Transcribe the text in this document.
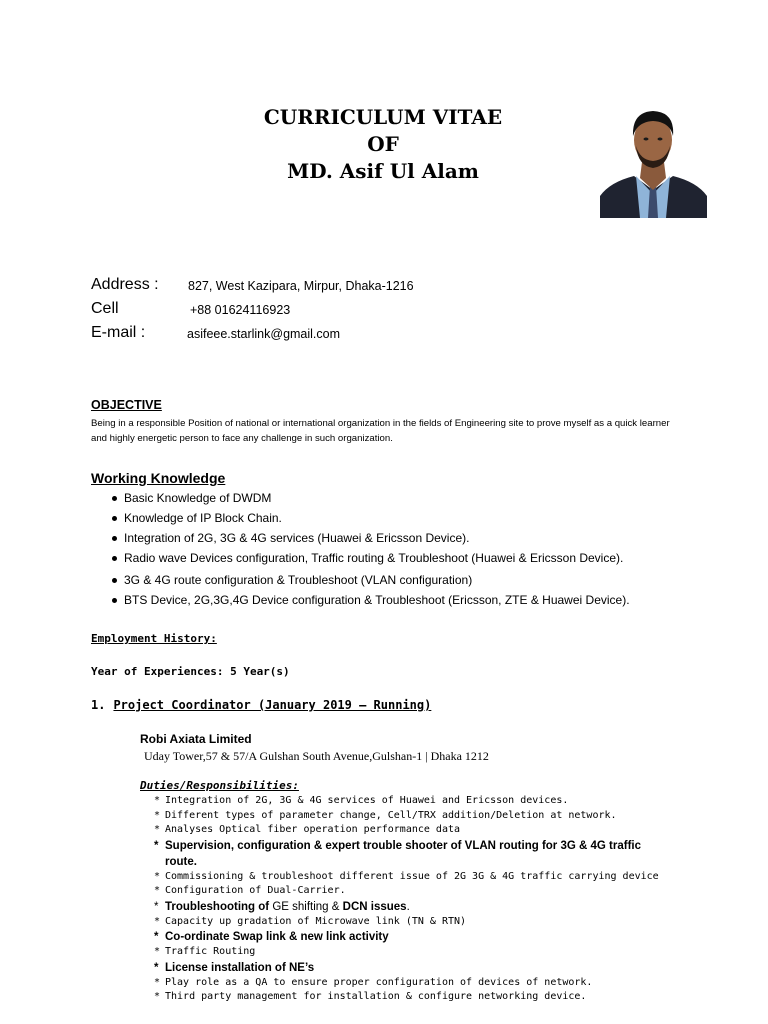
CURRICULUM VITAE
OF
MD. Asif Ul Alam
Address : 827, West Kazipara, Mirpur, Dhaka-1216
Cell	+88 01624116923
E-mail :	asifeee.starlink@gmail.com
OBJECTIVE
Being in a responsible Position of national or international organization in the fields of Engineering site to prove myself as a quick learner and highly energetic person to face any challenge in such organization.
Working Knowledge
Basic Knowledge of DWDM
Knowledge of IP Block Chain.
Integration of 2G, 3G & 4G services (Huawei & Ericsson Device).
Radio wave Devices configuration, Traffic routing & Troubleshoot (Huawei & Ericsson Device).
3G & 4G route configuration & Troubleshoot (VLAN configuration)
BTS Device, 2G,3G,4G Device configuration & Troubleshoot (Ericsson, ZTE & Huawei Device).
Employment History:
Year of Experiences: 5 Year(s)
1. Project Coordinator (January 2019 – Running)
Robi Axiata Limited
Uday Tower,57 & 57/A Gulshan South Avenue,Gulshan-1 | Dhaka 1212
Duties/Responsibilities:
* Integration of 2G, 3G & 4G services of Huawei and Ericsson devices.
* Different types of parameter change, Cell/TRX addition/Deletion at network.
* Analyses Optical fiber operation performance data
* Supervision, configuration & expert trouble shooter of VLAN routing for 3G & 4G traffic route.
* Commissioning & troubleshoot different issue of 2G 3G & 4G traffic carrying device
* Configuration of Dual-Carrier.
* Troubleshooting of GE shifting & DCN issues.
* Capacity up gradation of Microwave link (TN & RTN)
* Co-ordinate Swap link & new link activity
* Traffic Routing
* License installation of NE’s
* Play role as a QA to ensure proper configuration of devices of network.
* Third party management for installation & configure networking device.
